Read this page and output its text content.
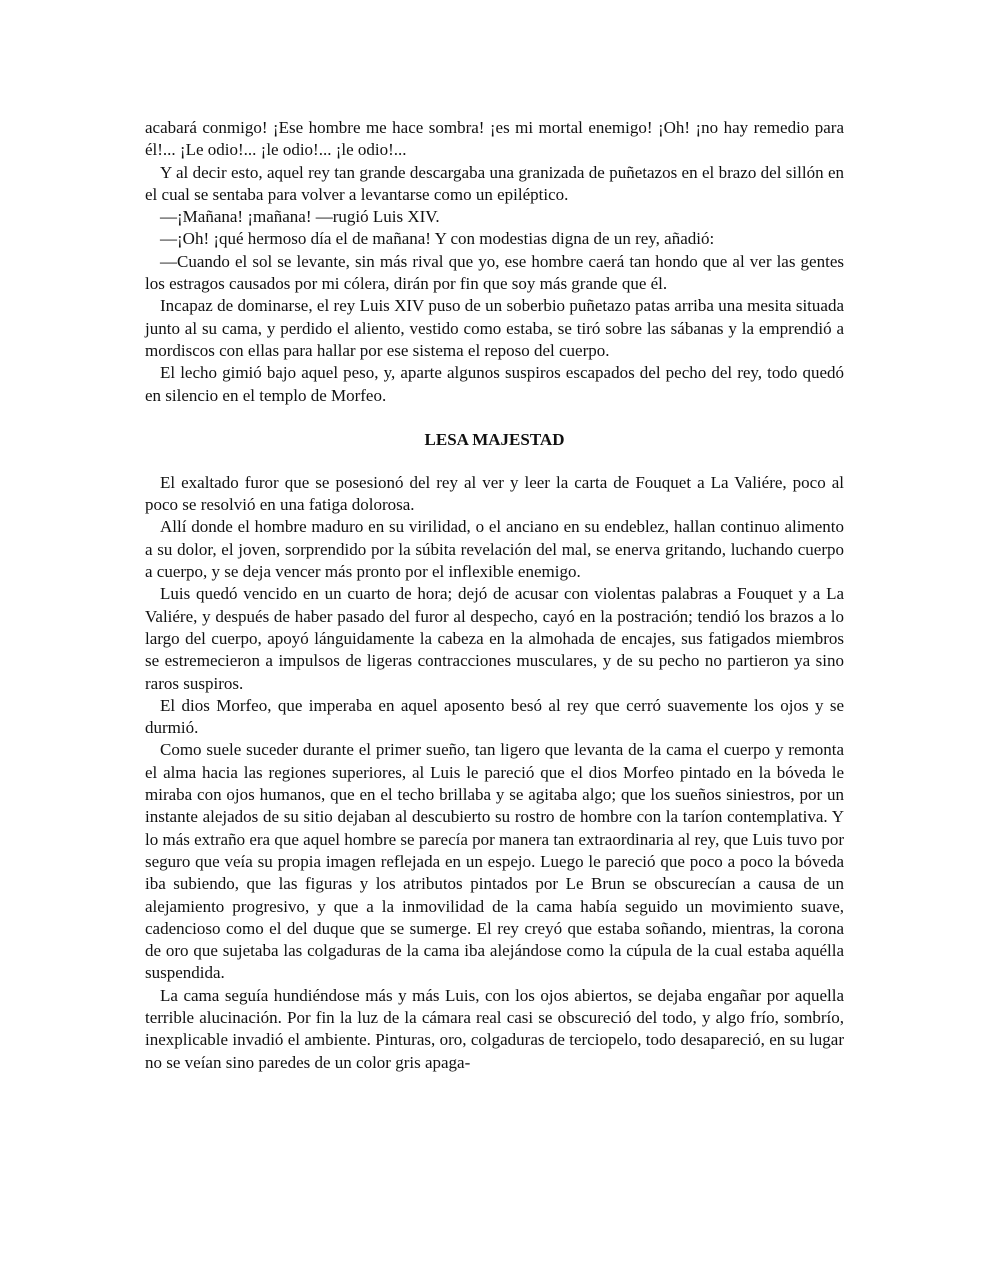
acabará conmigo! ¡Ese hombre me hace sombra! ¡es mi mortal enemigo! ¡Oh! ¡no hay remedio para él!... ¡Le odio!... ¡le odio!... ¡le odio!...

Y al decir esto, aquel rey tan grande descargaba una granizada de puñetazos en el brazo del sillón en el cual se sentaba para volver a levantarse como un epiléptico.

—¡Mañana! ¡mañana! —rugió Luis XIV.

—¡Oh! ¡qué hermoso día el de mañana! Y con modestias digna de un rey, añadió:

—Cuando el sol se levante, sin más rival que yo, ese hombre caerá tan hondo que al ver las gentes los estragos causados por mi cólera, dirán por fin que soy más grande que él.

Incapaz de dominarse, el rey Luis XIV puso de un soberbio puñetazo patas arriba una mesita situada junto al su cama, y perdido el aliento, vestido como estaba, se tiró sobre las sábanas y la emprendió a mordiscos con ellas para hallar por ese sistema el reposo del cuerpo.

El lecho gimió bajo aquel peso, y, aparte algunos suspiros escapados del pecho del rey, todo quedó en silencio en el templo de Morfeo.

LESA MAJESTAD

El exaltado furor que se posesionó del rey al ver y leer la carta de Fouquet a La Valiére, poco al poco se resolvió en una fatiga dolorosa.

Allí donde el hombre maduro en su virilidad, o el anciano en su endeblez, hallan continuo alimento a su dolor, el joven, sorprendido por la súbita revelación del mal, se enerva gritando, luchando cuerpo a cuerpo, y se deja vencer más pronto por el inflexible enemigo.

Luis quedó vencido en un cuarto de hora; dejó de acusar con violentas palabras a Fouquet y a La Valiére, y después de haber pasado del furor al despecho, cayó en la postración; tendió los brazos a lo largo del cuerpo, apoyó lánguidamente la cabeza en la almohada de encajes, sus fatigados miembros se estremecieron a impulsos de ligeras contracciones musculares, y de su pecho no partieron ya sino raros suspiros.

El dios Morfeo, que imperaba en aquel aposento besó al rey que cerró suavemente los ojos y se durmió.

Como suele suceder durante el primer sueño, tan ligero que levanta de la cama el cuerpo y remonta el alma hacia las regiones superiores, al Luis le pareció que el dios Morfeo pintado en la bóveda le miraba con ojos humanos, que en el techo brillaba y se agitaba algo; que los sueños siniestros, por un instante alejados de su sitio dejaban al descubierto su rostro de hombre con la taríon contemplativa. Y lo más extraño era que aquel hombre se parecía por manera tan extraordinaria al rey, que Luis tuvo por seguro que veía su propia imagen reflejada en un espejo. Luego le pareció que poco a poco la bóveda iba subiendo, que las figuras y los atributos pintados por Le Brun se obscurecían a causa de un alejamiento progresivo, y que a la inmovilidad de la cama había seguido un movimiento suave, cadencioso como el del duque que se sumerge. El rey creyó que estaba soñando, mientras, la corona de oro que sujetaba las colgaduras de la cama iba alejándose como la cúpula de la cual estaba aquélla suspendida.

La cama seguía hundiéndose más y más Luis, con los ojos abiertos, se dejaba engañar por aquella terrible alucinación. Por fin la luz de la cámara real casi se obscureció del todo, y algo frío, sombrío, inexplicable invadió el ambiente. Pinturas, oro, colgaduras de terciopelo, todo desapareció, en su lugar no se veían sino paredes de un color gris apaga-
